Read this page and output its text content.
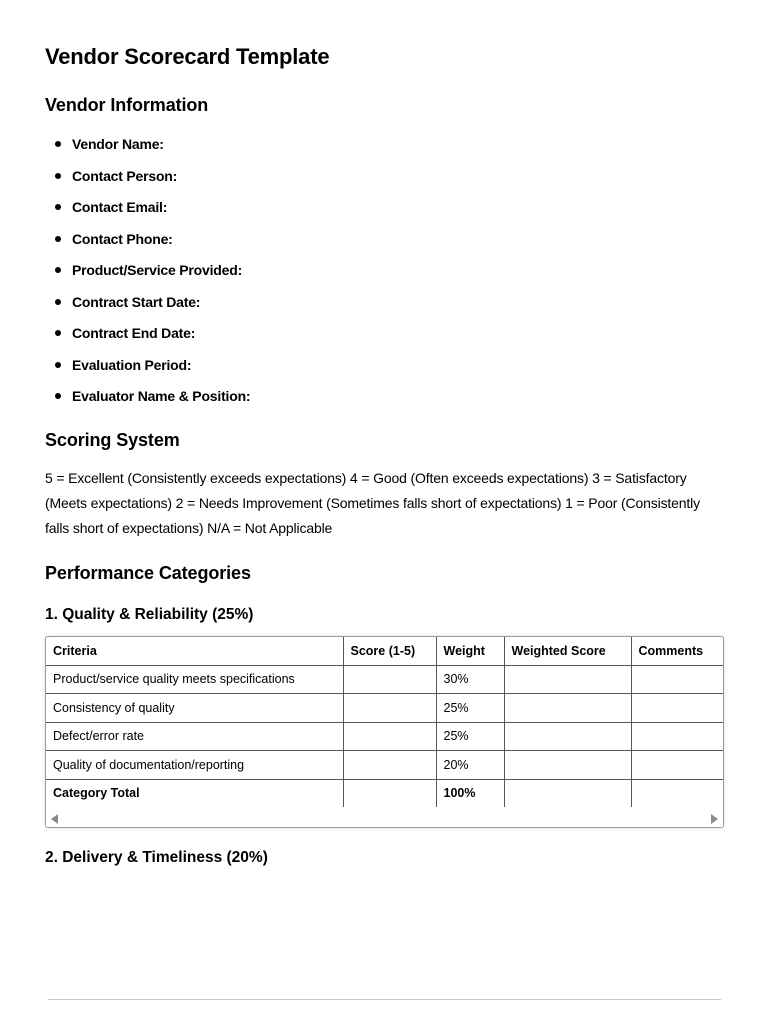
Vendor Scorecard Template
Vendor Information
Vendor Name:
Contact Person:
Contact Email:
Contact Phone:
Product/Service Provided:
Contract Start Date:
Contract End Date:
Evaluation Period:
Evaluator Name & Position:
Scoring System

5 = Excellent (Consistently exceeds expectations) 4 = Good (Often exceeds expectations) 3 = Satisfactory (Meets expectations) 2 = Needs Improvement (Sometimes falls short of expectations) 1 = Poor (Consistently falls short of expectations) N/A = Not Applicable

Performance Categories
1. Quality & Reliability (25%)
Criteria	Score (1-5)	Weight	Weighted Score	Comments
Product/service quality meets specifications		30%		
Consistency of quality		25%		
Defect/error rate		25%		
Quality of documentation/reporting		20%		
Category Total		100%		
2. Delivery & Timeliness (20%)
